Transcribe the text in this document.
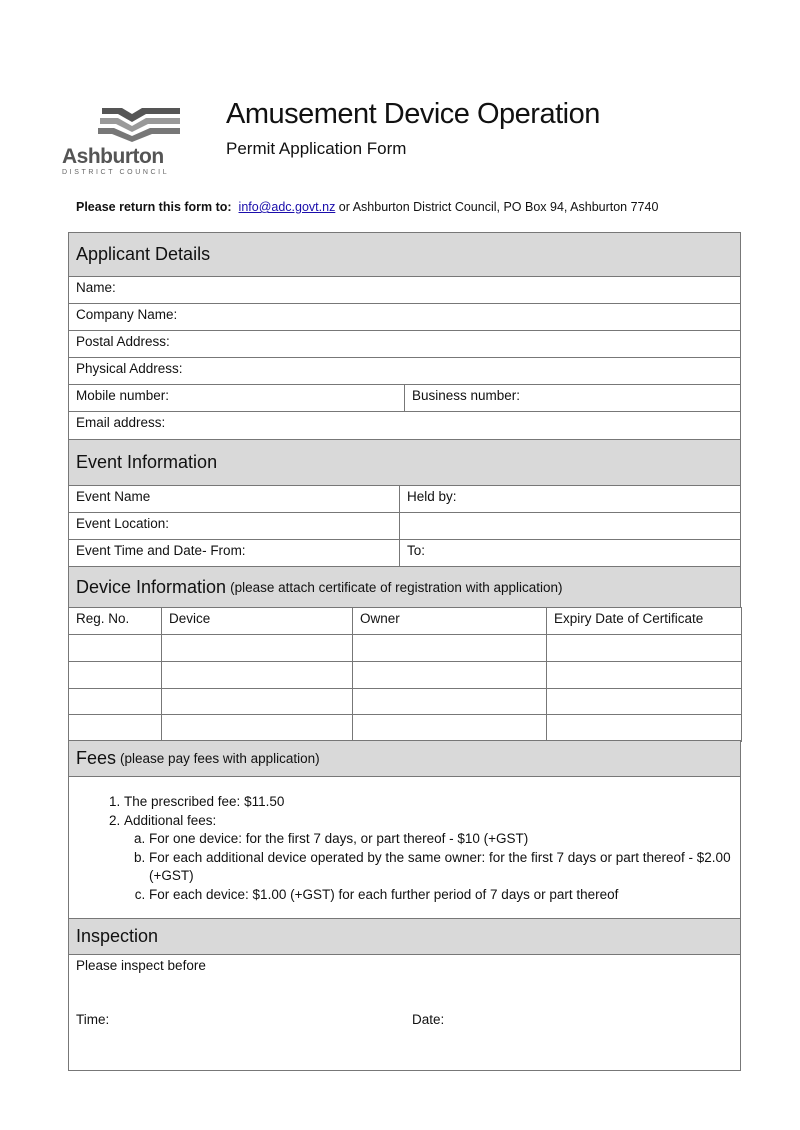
Ashburton
DISTRICT COUNCIL
Amusement Device Operation
Permit Application Form
Please return this form to: info@adc.govt.nz or Ashburton District Council, PO Box 94, Ashburton 7740
Applicant Details
Name:
Company Name:
Postal Address:
Physical Address:
Mobile number:	Business number:
Email address:
Event Information
Event Name	Held by:
Event Location:
Event Time and Date- From:	To:
Device Information (please attach certificate of registration with application)
Reg. No.	Device	Owner	Expiry Date of Certificate
Fees (please pay fees with application)
1. The prescribed fee: $11.50
2. Additional fees:
a. For one device: for the first 7 days, or part thereof - $10 (+GST)
b. For each additional device operated by the same owner: for the first 7 days or part thereof - $2.00 (+GST)
c. For each device: $1.00 (+GST) for each further period of 7 days or part thereof
Inspection
Please inspect before
Time:	Date:
